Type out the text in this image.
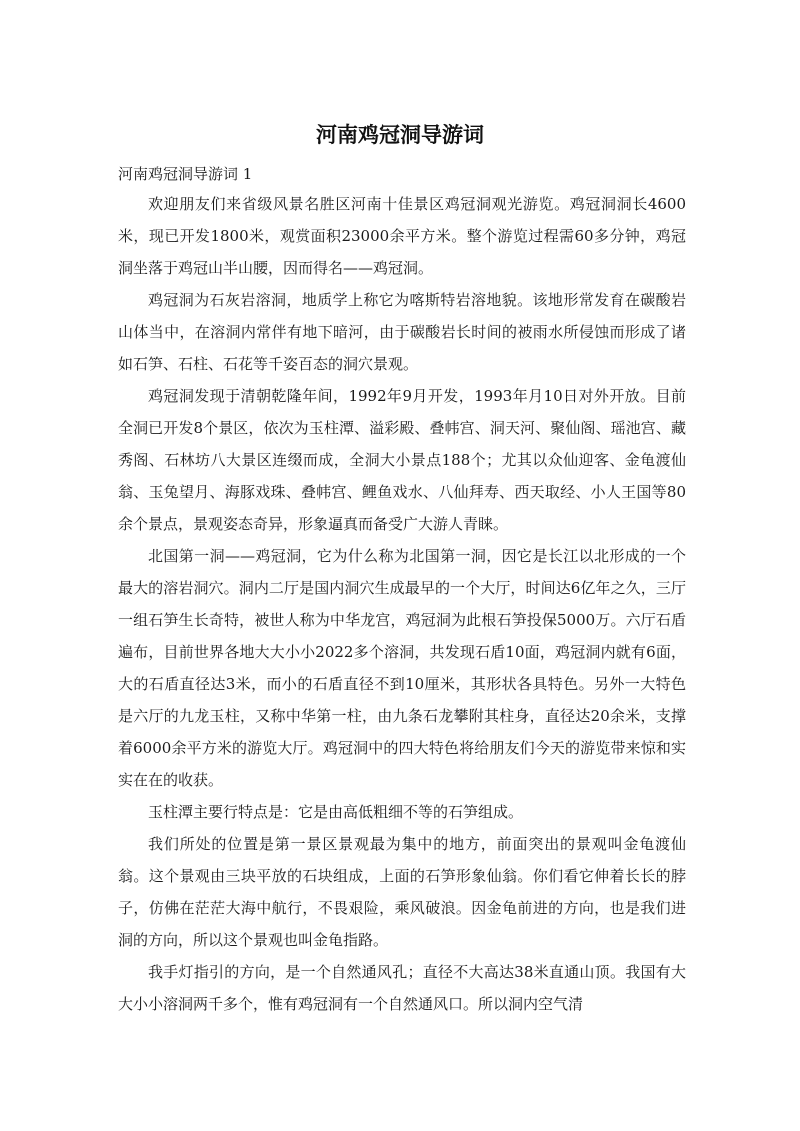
河南鸡冠洞导游词

河南鸡冠洞导游词 1

欢迎朋友们来省级风景名胜区河南十佳景区鸡冠洞观光游览。鸡冠洞洞长4600米，现已开发1800米，观赏面积23000余平方米。整个游览过程需60多分钟，鸡冠洞坐落于鸡冠山半山腰，因而得名——鸡冠洞。

鸡冠洞为石灰岩溶洞，地质学上称它为喀斯特岩溶地貌。该地形常发育在碳酸岩山体当中，在溶洞内常伴有地下暗河，由于碳酸岩长时间的被雨水所侵蚀而形成了诸如石笋、石柱、石花等千姿百态的洞穴景观。

鸡冠洞发现于清朝乾隆年间，1992年9月开发，1993年月10日对外开放。目前全洞已开发8个景区，依次为玉柱潭、溢彩殿、叠帏宫、洞天河、聚仙阁、瑶池宫、藏秀阁、石林坊八大景区连缀而成，全洞大小景点188个；尤其以众仙迎客、金龟渡仙翁、玉兔望月、海豚戏珠、叠帏宫、鲤鱼戏水、八仙拜寿、西天取经、小人王国等80余个景点，景观姿态奇异，形象逼真而备受广大游人青睐。

北国第一洞——鸡冠洞，它为什么称为北国第一洞，因它是长江以北形成的一个最大的溶岩洞穴。洞内二厅是国内洞穴生成最早的一个大厅，时间达6亿年之久，三厅一组石笋生长奇特，被世人称为中华龙宫，鸡冠洞为此根石笋投保5000万。六厅石盾遍布，目前世界各地大大小小2022多个溶洞，共发现石盾10面，鸡冠洞内就有6面，大的石盾直径达3米，而小的石盾直径不到10厘米，其形状各具特色。另外一大特色是六厅的九龙玉柱，又称中华第一柱，由九条石龙攀附其柱身，直径达20余米，支撑着6000余平方米的游览大厅。鸡冠洞中的四大特色将给朋友们今天的游览带来惊和实实在在的收获。

玉柱潭主要行特点是：它是由高低粗细不等的石笋组成。

我们所处的位置是第一景区景观最为集中的地方，前面突出的景观叫金龟渡仙翁。这个景观由三块平放的石块组成，上面的石笋形象仙翁。你们看它伸着长长的脖子，仿佛在茫茫大海中航行，不畏艰险，乘风破浪。因金龟前进的方向，也是我们进洞的方向，所以这个景观也叫金龟指路。

我手灯指引的方向，是一个自然通风孔；直径不大高达38米直通山顶。我国有大大小小溶洞两千多个，惟有鸡冠洞有一个自然通风口。所以洞内空气清
